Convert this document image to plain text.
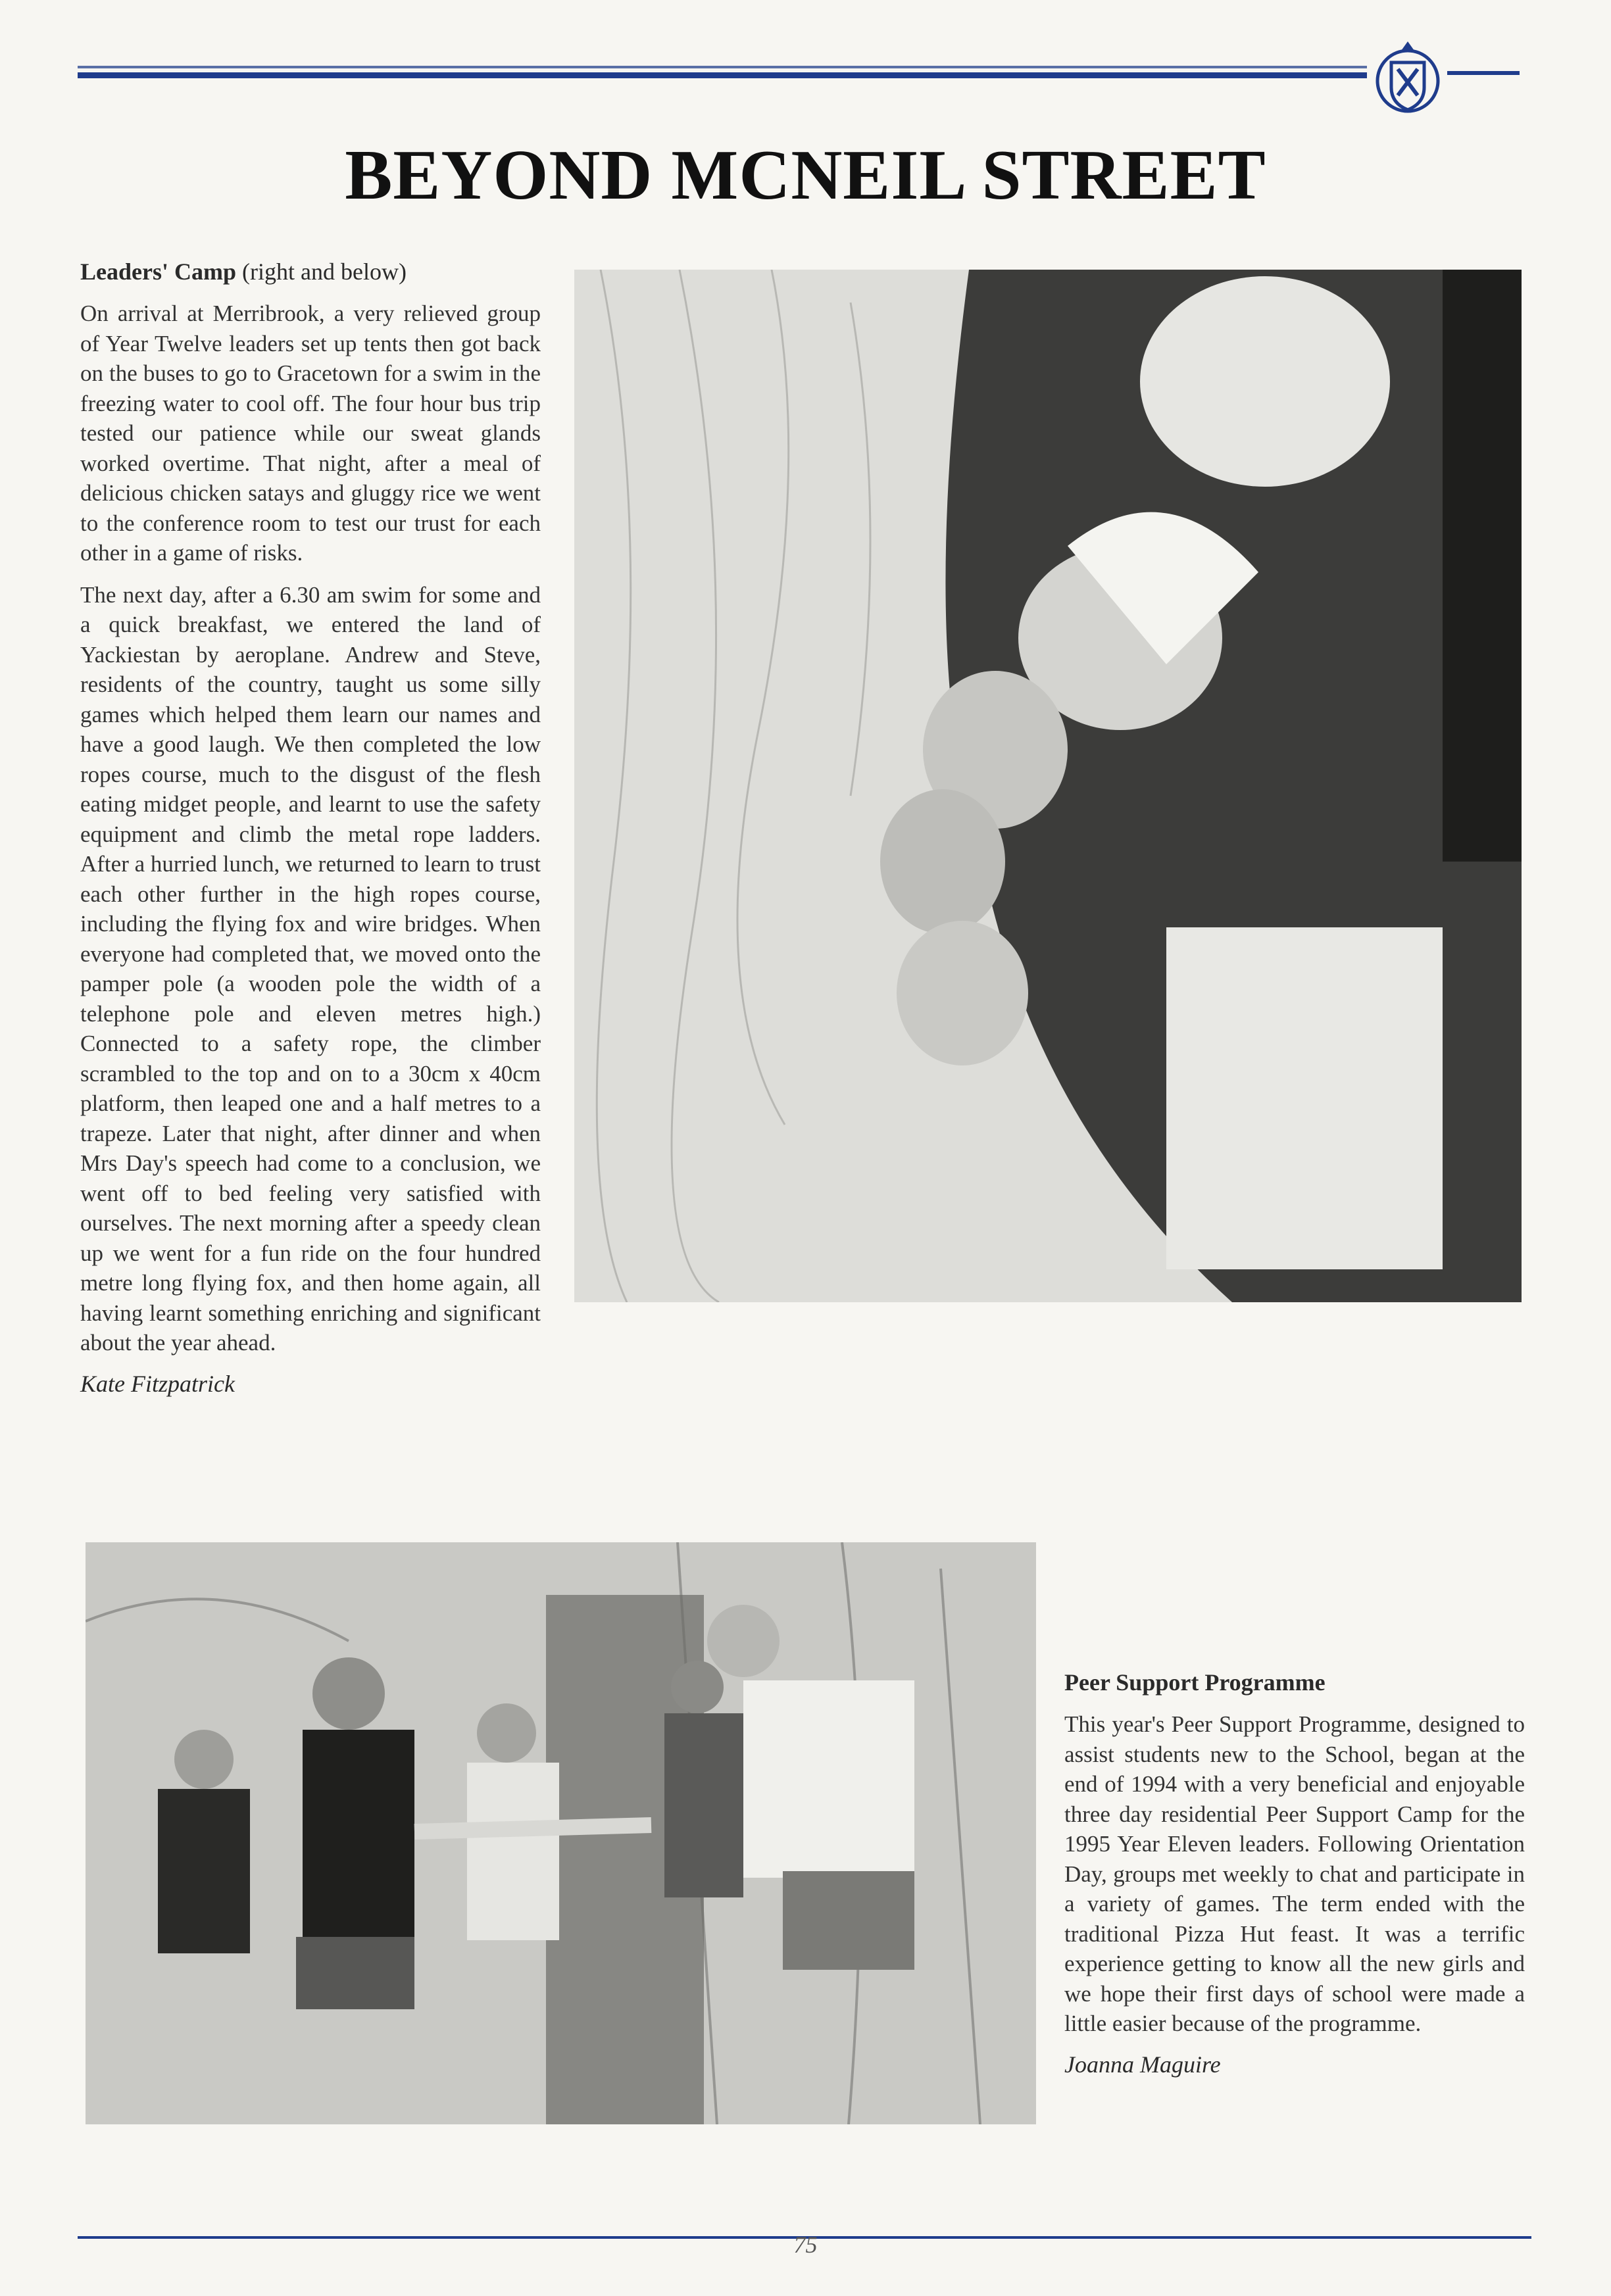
BEYOND MCNEIL STREET

Leaders' Camp (right and below)

On arrival at Merribrook, a very relieved group of Year Twelve leaders set up tents then got back on the buses to go to Gracetown for a swim in the freezing water to cool off. The four hour bus trip tested our patience while our sweat glands worked overtime. That night, after a meal of delicious chicken satays and gluggy rice we went to the conference room to test our trust for each other in a game of risks.

The next day, after a 6.30 am swim for some and a quick breakfast, we entered the land of Yackiestan by aeroplane. Andrew and Steve, residents of the country, taught us some silly games which helped them learn our names and have a good laugh. We then completed the low ropes course, much to the disgust of the flesh eating midget people, and learnt to use the safety equipment and climb the metal rope ladders. After a hurried lunch, we returned to learn to trust each other further in the high ropes course, including the flying fox and wire bridges. When everyone had completed that, we moved onto the pamper pole (a wooden pole the width of a telephone pole and eleven metres high.) Connected to a safety rope, the climber scrambled to the top and on to a 30cm x 40cm platform, then leaped one and a half metres to a trapeze. Later that night, after dinner and when Mrs Day's speech had come to a conclusion, we went off to bed feeling very satisfied with ourselves. The next morning after a speedy clean up we went for a fun ride on the four hundred metre long flying fox, and then home again, all having learnt something enriching and significant about the year ahead.

Kate Fitzpatrick

Peer Support Programme

This year's Peer Support Programme, designed to assist students new to the School, began at the end of 1994 with a very beneficial and enjoyable three day residential Peer Support Camp for the 1995 Year Eleven leaders. Following Orientation Day, groups met weekly to chat and participate in a variety of games. The term ended with the traditional Pizza Hut feast. It was a terrific experience getting to know all the new girls and we hope their first days of school were made a little easier because of the programme.

Joanna Maguire
75
